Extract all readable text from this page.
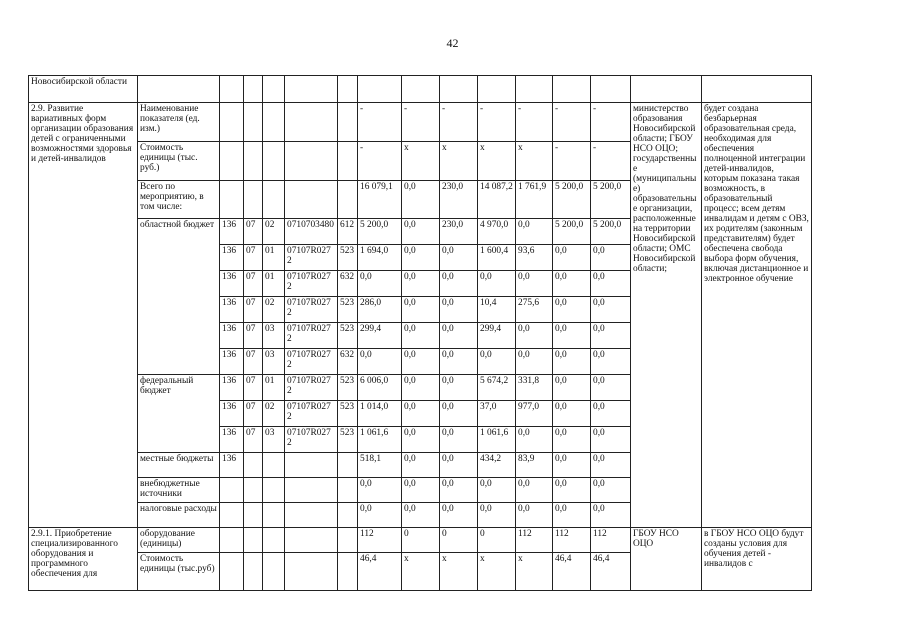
42
Новосибирской области															
2.9. Развитие вариативных форм организации образования детей с ограниченными возможностями здоровья и детей-инвалидов	Наименование показателя (ед. изм.)						-	-	-	-	-	-	-	министерство образования Новосибирской области; ГБОУ НСО ОЦО; государственные (муниципальные) образовательные организации, расположенные на территории Новосибирской области; ОМС Новосибирской области;	будет создана безбарьерная образовательная среда, необходимая для обеспечения полноценной интеграции детей-инвалидов, которым показана такая возможность, в образовательный процесс; всем детям инвалидам и детям с ОВЗ, их родителям (законным представителям) будет обеспечена свобода выбора форм обучения, включая дистанционное и электронное обучение
	Стоимость единицы (тыс. руб.)						-	х	х	х	х	-	-		
	Всего по мероприятию, в том числе:						16 079,1	0,0	230,0	14 087,2	1 761,9	5 200,0	5 200,0		
	областной бюджет	136	07	02	0710703480	612	5 200,0	0,0	230,0	4 970,0	0,0	5 200,0	5 200,0		
		136	07	01	07107R0272	523	1 694,0	0,0	0,0	1 600,4	93,6	0,0	0,0		
		136	07	01	07107R0272	632	0,0	0,0	0,0	0,0	0,0	0,0	0,0		
		136	07	02	07107R0272	523	286,0	0,0	0,0	10,4	275,6	0,0	0,0		
		136	07	03	07107R0272	523	299,4	0,0	0,0	299,4	0,0	0,0	0,0		
		136	07	03	07107R0272	632	0,0	0,0	0,0	0,0	0,0	0,0	0,0		
	федеральный бюджет	136	07	01	07107R0272	523	6 006,0	0,0	0,0	5 674,2	331,8	0,0	0,0		
		136	07	02	07107R0272	523	1 014,0	0,0	0,0	37,0	977,0	0,0	0,0		
		136	07	03	07107R0272	523	1 061,6	0,0	0,0	1 061,6	0,0	0,0	0,0		
	местные бюджеты	136					518,1	0,0	0,0	434,2	83,9	0,0	0,0		
	внебюджетные источники						0,0	0,0	0,0	0,0	0,0	0,0	0,0		
	налоговые расходы						0,0	0,0	0,0	0,0	0,0	0,0	0,0		
2.9.1. Приобретение специализированного оборудования и программного обеспечения для	оборудование (единицы)						112	0	0	0	112	112	112	ГБОУ НСО ОЦО	в ГБОУ НСО ОЦО будут созданы условия для обучения детей - инвалидов с
	Стоимость единицы (тыс.руб)						46,4	х	х	х	х	46,4	46,4		
